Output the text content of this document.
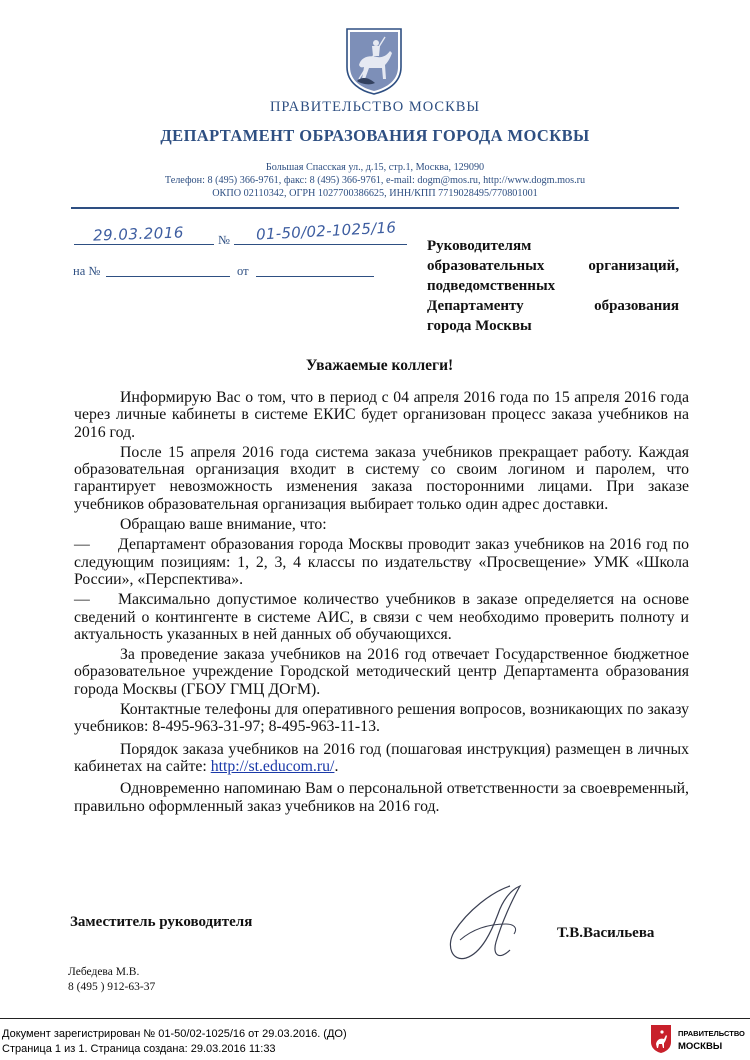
ПРАВИТЕЛЬСТВО МОСКВЫ
ДЕПАРТАМЕНТ ОБРАЗОВАНИЯ ГОРОДА МОСКВЫ
Большая Спасская ул., д.15, стр.1, Москва, 129090
Телефон: 8 (495) 366-9761, факс: 8 (495) 366-9761, e-mail: dogm@mos.ru, http://www.dogm.mos.ru
ОКПО 02110342, ОГРН 1027700386625, ИНН/КПП 7719028495/770801001
29.03.2016	№ 01-50/02-1025/16
на №	от
Руководителям
образовательных организаций,
подведомственных
Департаменту образования
города Москвы
Уважаемые коллеги!

Информирую Вас о том, что в период с 04 апреля 2016 года по 15 апреля 2016 года через личные кабинеты в системе ЕКИС будет организован процесс заказа учебников на 2016 год.

После 15 апреля 2016 года система заказа учебников прекращает работу. Каждая образовательная организация входит в систему со своим логином и паролем, что гарантирует невозможность изменения заказа посторонними лицами. При заказе учебников образовательная организация выбирает только один адрес доставки.

Обращаю ваше внимание, что:

— Департамент образования города Москвы проводит заказ учебников на 2016 год по следующим позициям: 1, 2, 3, 4 классы по издательству «Просвещение» УМК «Школа России», «Перспектива».

— Максимально допустимое количество учебников в заказе определяется на основе сведений о контингенте в системе АИС, в связи с чем необходимо проверить полноту и актуальность указанных в ней данных об обучающихся.

За проведение заказа учебников на 2016 год отвечает Государственное бюджетное образовательное учреждение Городской методический центр Департамента образования города Москвы (ГБОУ ГМЦ ДОгМ).

Контактные телефоны для оперативного решения вопросов, возникающих по заказу учебников: 8-495-963-31-97; 8-495-963-11-13.

Порядок заказа учебников на 2016 год (пошаговая инструкция) размещен в личных кабинетах на сайте: http://st.educom.ru/.

Одновременно напоминаю Вам о персональной ответственности за своевременный, правильно оформленный заказ учебников на 2016 год.

Заместитель руководителя
Т.В.Васильева
Лебедева М.В.
8 (495 ) 912-63-37
Документ зарегистрирован № 01-50/02-1025/16 от 29.03.2016. (ДО)
Страница 1 из 1. Страница создана: 29.03.2016 11:33
ПРАВИТЕЛЬСТВО
МОСКВЫ
